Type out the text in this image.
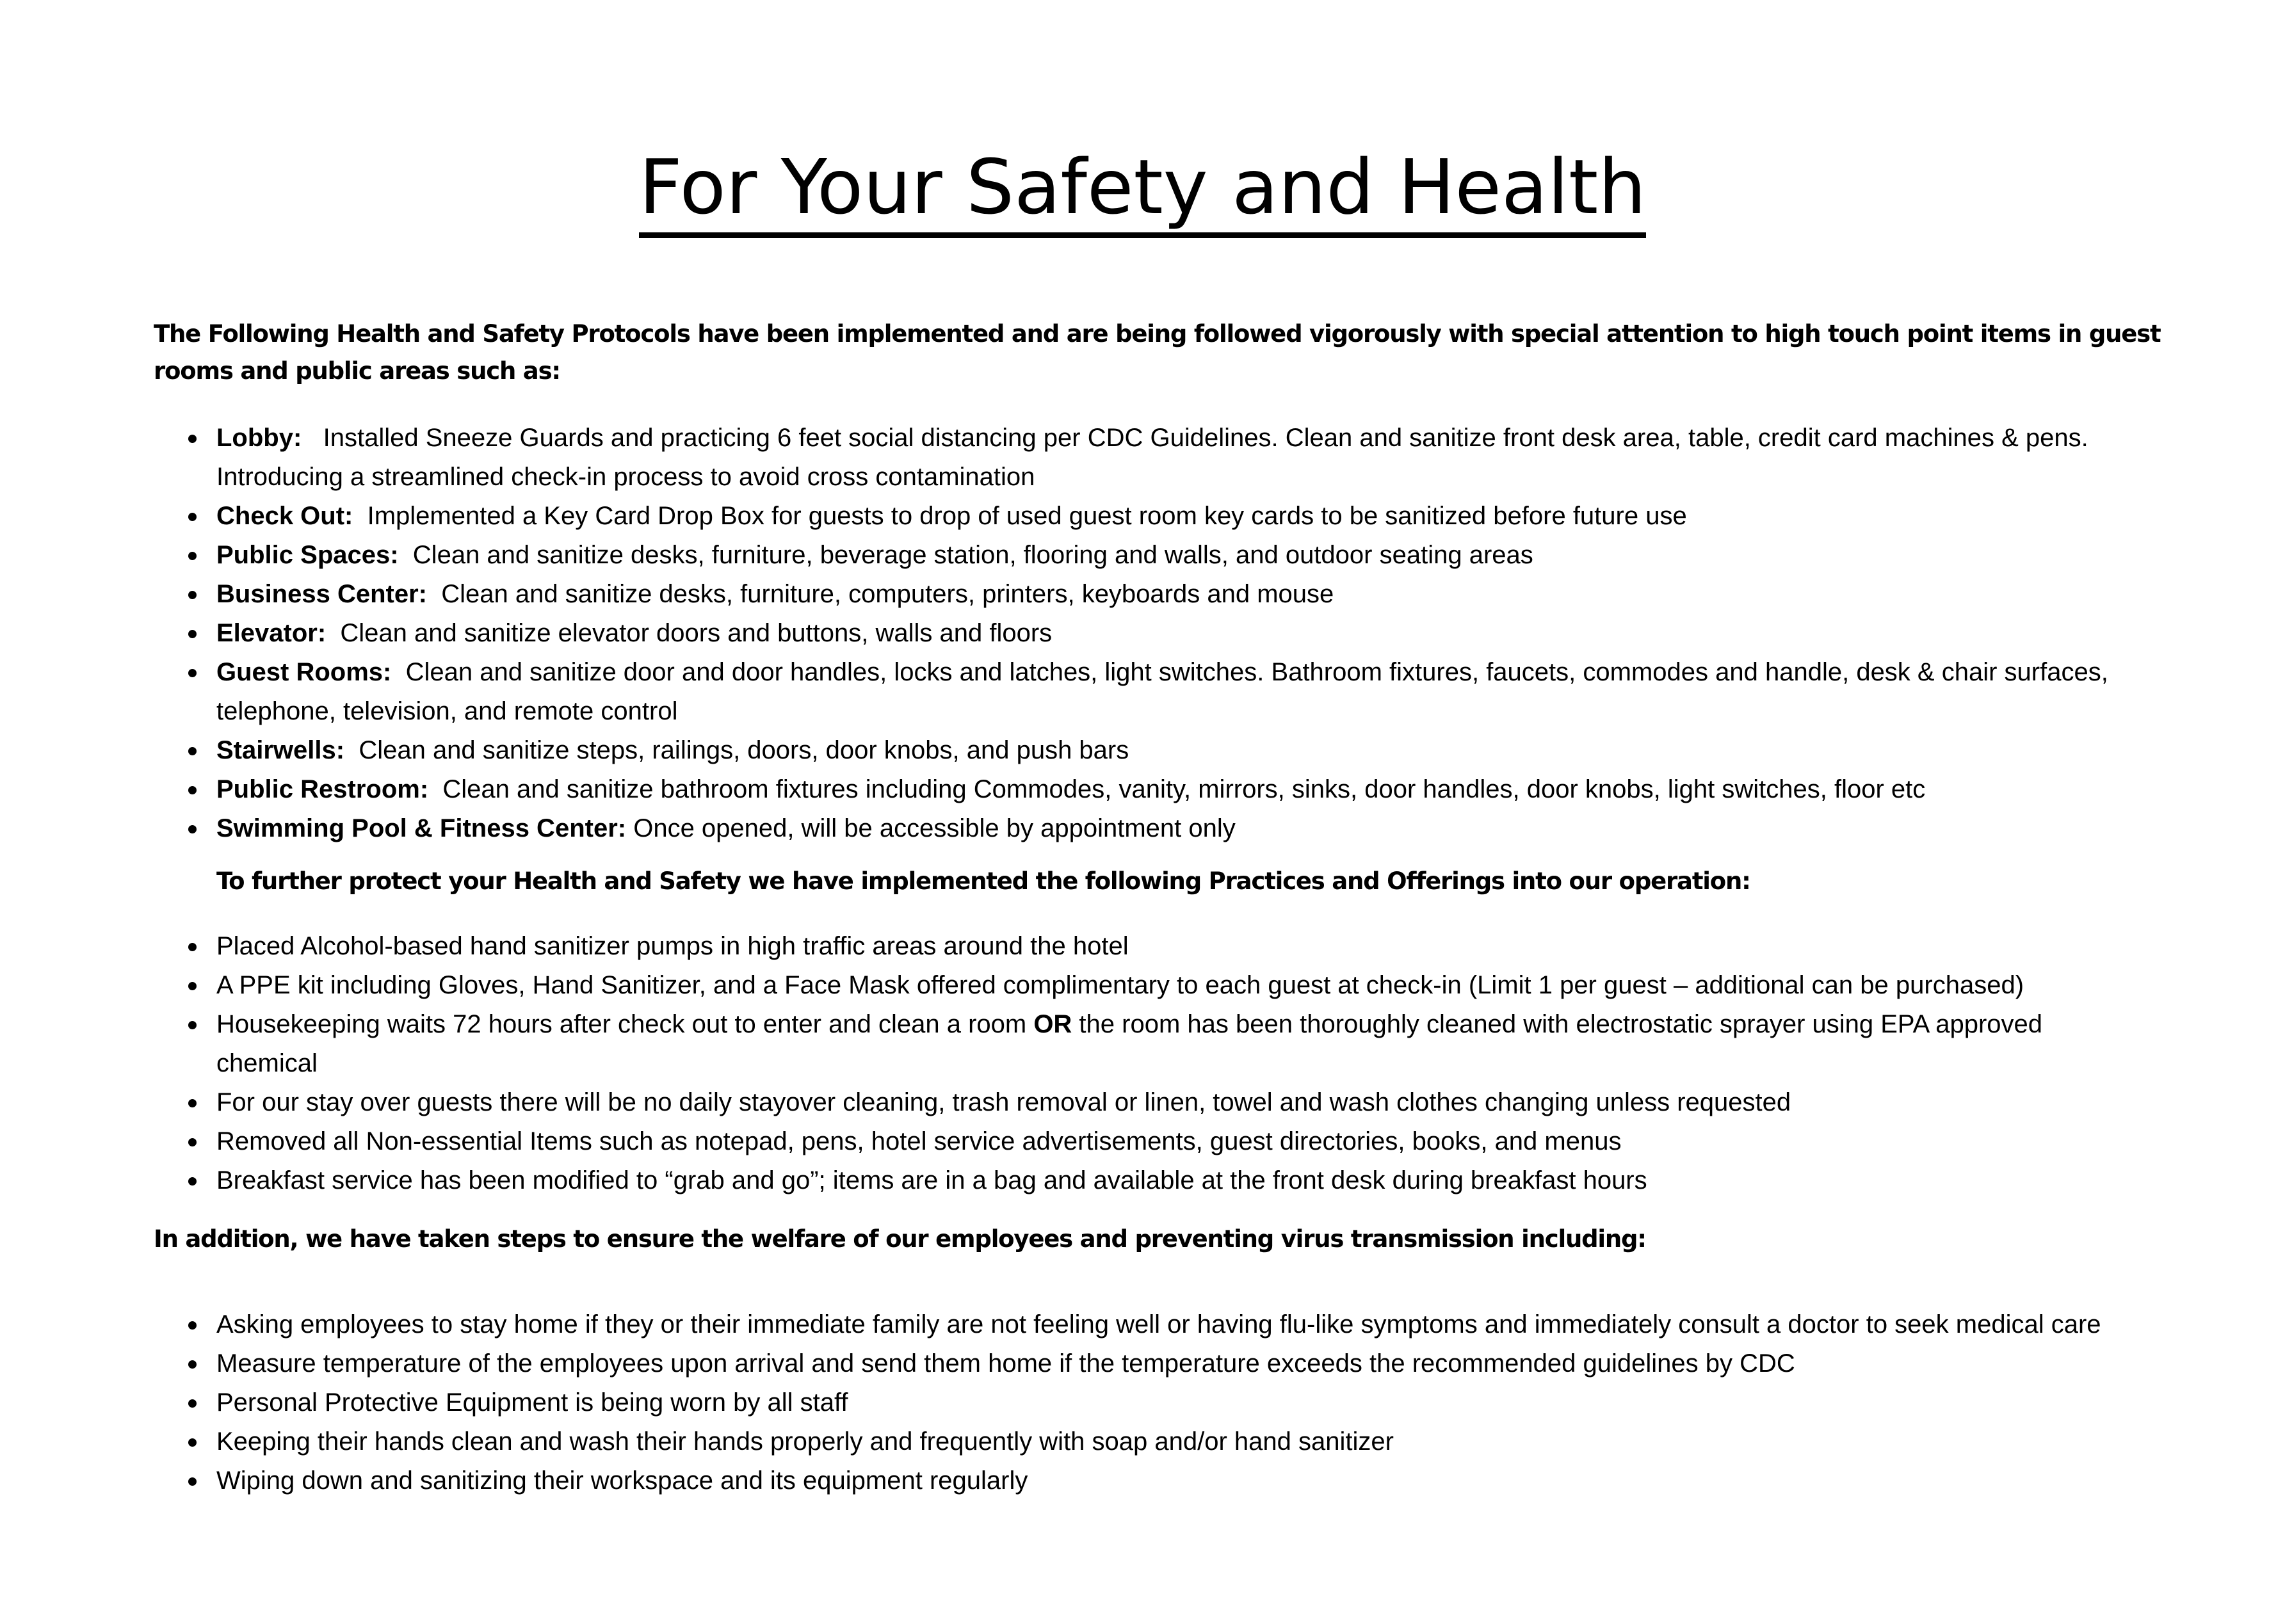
For Your Safety and Health

The Following Health and Safety Protocols have been implemented and are being followed vigorously with special attention to high touch point items in guest rooms and public areas such as:

Lobby: Installed Sneeze Guards and practicing 6 feet social distancing per CDC Guidelines. Clean and sanitize front desk area, table, credit card machines & pens. Introducing a streamlined check-in process to avoid cross contamination
Check Out: Implemented a Key Card Drop Box for guests to drop of used guest room key cards to be sanitized before future use
Public Spaces: Clean and sanitize desks, furniture, beverage station, flooring and walls, and outdoor seating areas
Business Center: Clean and sanitize desks, furniture, computers, printers, keyboards and mouse
Elevator: Clean and sanitize elevator doors and buttons, walls and floors
Guest Rooms: Clean and sanitize door and door handles, locks and latches, light switches. Bathroom fixtures, faucets, commodes and handle, desk & chair surfaces, telephone, television, and remote control
Stairwells: Clean and sanitize steps, railings, doors, door knobs, and push bars
Public Restroom: Clean and sanitize bathroom fixtures including Commodes, vanity, mirrors, sinks, door handles, door knobs, light switches, floor etc
Swimming Pool & Fitness Center: Once opened, will be accessible by appointment only

To further protect your Health and Safety we have implemented the following Practices and Offerings into our operation:

Placed Alcohol-based hand sanitizer pumps in high traffic areas around the hotel
A PPE kit including Gloves, Hand Sanitizer, and a Face Mask offered complimentary to each guest at check-in (Limit 1 per guest – additional can be purchased)
Housekeeping waits 72 hours after check out to enter and clean a room OR the room has been thoroughly cleaned with electrostatic sprayer using EPA approved chemical
For our stay over guests there will be no daily stayover cleaning, trash removal or linen, towel and wash clothes changing unless requested
Removed all Non-essential Items such as notepad, pens, hotel service advertisements, guest directories, books, and menus
Breakfast service has been modified to “grab and go”; items are in a bag and available at the front desk during breakfast hours

In addition, we have taken steps to ensure the welfare of our employees and preventing virus transmission including:

Asking employees to stay home if they or their immediate family are not feeling well or having flu-like symptoms and immediately consult a doctor to seek medical care
Measure temperature of the employees upon arrival and send them home if the temperature exceeds the recommended guidelines by CDC
Personal Protective Equipment is being worn by all staff
Keeping their hands clean and wash their hands properly and frequently with soap and/or hand sanitizer
Wiping down and sanitizing their workspace and its equipment regularly
